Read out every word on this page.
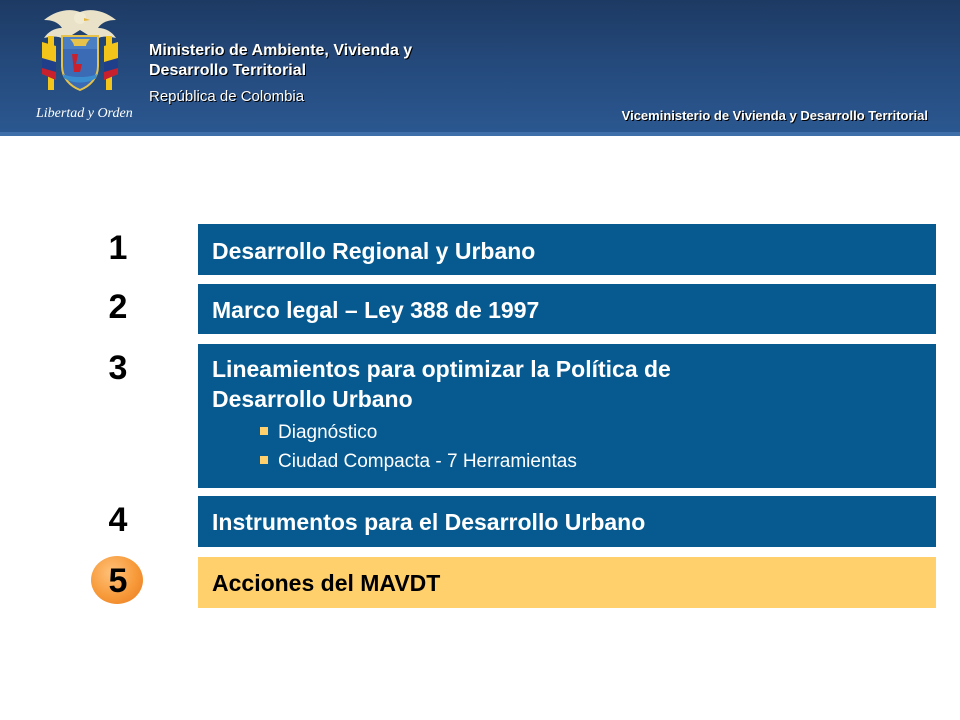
Libertad y Orden
Ministerio de Ambiente, Vivienda y
Desarrollo Territorial
República de Colombia
Viceministerio de Vivienda y Desarrollo Territorial
1	Desarrollo Regional y Urbano
2	Marco legal – Ley 388 de 1997
3	Lineamientos para optimizar la Política de
Desarrollo Urbano
Diagnóstico
Ciudad Compacta - 7 Herramientas
4	Instrumentos para el Desarrollo Urbano
5	Acciones del MAVDT
